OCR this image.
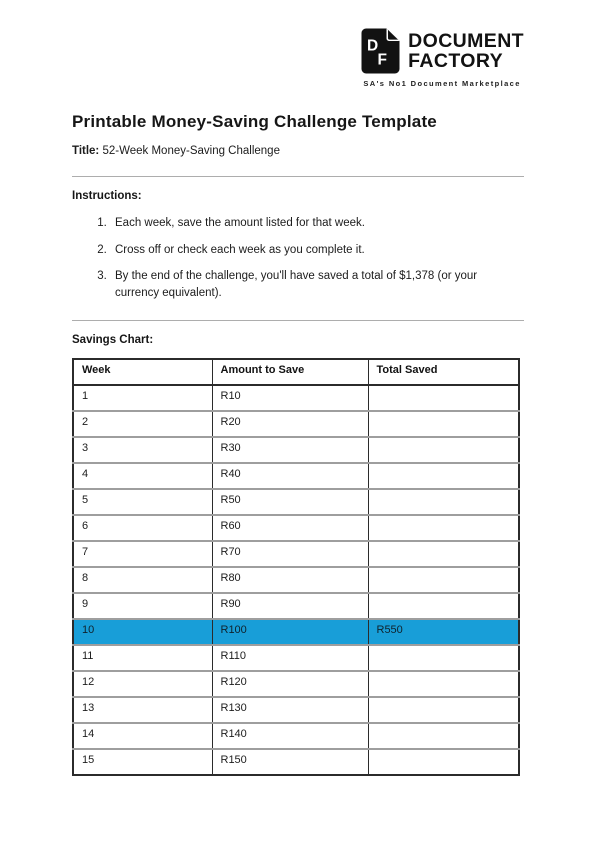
D
F
DOCUMENT
FACTORY
SA's No1 Document Marketplace
Printable Money-Saving Challenge Template

Title: 52-Week Money-Saving Challenge

Instructions:
1. Each week, save the amount listed for that week.
2. Cross off or check each week as you complete it.
3. By the end of the challenge, you'll have saved a total of $1,378 (or your currency equivalent).
Savings Chart:
Week	Amount to Save	Total Saved
1	R10	
2	R20	
3	R30	
4	R40	
5	R50	
6	R60	
7	R70	
8	R80	
9	R90	
10	R100	R550
11	R110	
12	R120	
13	R130	
14	R140	
15	R150	
